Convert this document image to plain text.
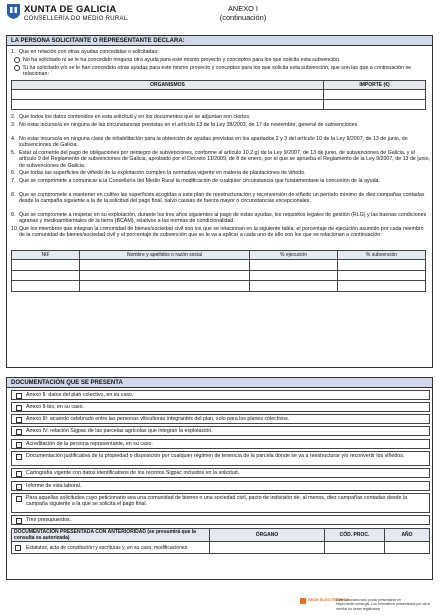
XUNTA DE GALICIA
CONSELLERÍA DO MEDIO RURAL
ANEXO I
(continuación)
LA PERSONA SOLICITANTE O REPRESENTANTE DECLARA:
1. Que en relación con otras ayudas concedidas o solicitadas:
No ha solicitado ni se le ha concedido ninguna otra ayuda para este mismo proyecto y conceptos para los que solicita esta subvención.
Sí ha solicitado y/o se le han concedido otras ayudas para este mismo proyecto y conceptos para los que solicita esta subvención, que son las que a continuación se relacionan:
ORGANISMOS	IMPORTE (€)

2. Que todos los datos contenidos en esta solicitud y en los documentos que se adjuntan son ciertos.
3. No estar incurso/a en ninguna de las circunstancias previstas en el artículo 13 de la Ley 38/2003, de 17 de noviembre, general de subvenciones.
4. No estar incurso/a en ninguna clase de inhabilitación para la obtención de ayudas previstas en los apartados 2 y 3 del artículo 10 de la Ley 9/2007, de 13 de junio, de subvenciones de Galicia.
5. Estar al corriente del pago de obligaciones por reintegro de subvenciones, conforme al artículo 10.2.g) de la Ley 9/2007, de 13 de junio, de subvenciones de Galicia, y el artículo 9 del Reglamento de subvenciones de Galicia, aprobado por el Decreto 11/2009, de 8 de enero, por el que se aprueba el Reglamento de la Ley 9/2007, de 13 de junio, de subvenciones de Galicia.
6. Que todas las superficies de viñedo de la explotación cumplen la normativa vigente en materia de plantaciones de viñedo.
7. Que se compromete a comunicar a la Consellería del Medio Rural la modificación de cualquier circunstancia que fundamentase la concesión de la ayuda.
8. Que se compromete a mantener en cultivo las superficies acogidas a este plan de reestructuración y reconversión de viñedo un período mínimo de diez campañas contadas desde la campaña siguiente a la de la solicitud del pago final, salvo causas de fuerza mayor o circunstancias excepcionales.
9. Que se compromete a respetar en su explotación, durante los tres años siguientes al pago de estas ayudas, los requisitos legales de gestión (RLG) y las buenas condiciones agrarias y medioambientales de la tierra (BCAM), relativos a las normas de condicionalidad.
10. Que los miembros que integran la comunidad de bienes/sociedad civil son los que se relacionan en la siguiente tabla; el porcentaje de ejecución asumido por cada miembro de la comunidad de bienes/sociedad civil y el porcentaje de subvención que se le va a aplicar a cada uno de ello son los que se relacionan a continuación:
NIF	Nombre y apellidos o razón social	% ejecución	% subvención

DOCUMENTACIÓN QUE SE PRESENTA
Anexo II: datos del plan colectivo, en su caso.
Anexo II-bis, en su caso.
Anexo III: acuerdo celebrado entre las personas viticultoras integrantes del plan, solo para los planes colectivos.
Anexo IV: relación Sigpac de las parcelas agrícolas que integran la explotación.
Acreditación de la persona representante, en su caso.
Documentación justificativa de la propiedad o disposición por cualquier régimen de tenencia de la parcela donde se va a reestructurar y/o reconvertir los viñedos.
Cartografía vigente con datos identificativos de los recintos Sigpac incluidos en la solicitud.
Informe de vida laboral.
Para aquellas solicitudes cuyo peticionario sea una comunidad de bienes o una sociedad civil, pacto de indivisión de, al menos, diez campañas contadas desde la campaña siguiente a la que se solicita el pago final.
Tres presupuestos.
DOCUMENTACIÓN PRESENTADA CON ANTERIORIDAD (se presumirá que la consulta es autorizada)	ÓRGANO	CÓD. PROC.	AÑO

Estatutos, acta de constitución y escrituras y, en su caso, modificaciones.			
SEDE ELECTRÓNICA
Este formulario solo podrá presentarse en https://sede.xunta.gal. Los formularios presentados por otros medios no serán registrados
